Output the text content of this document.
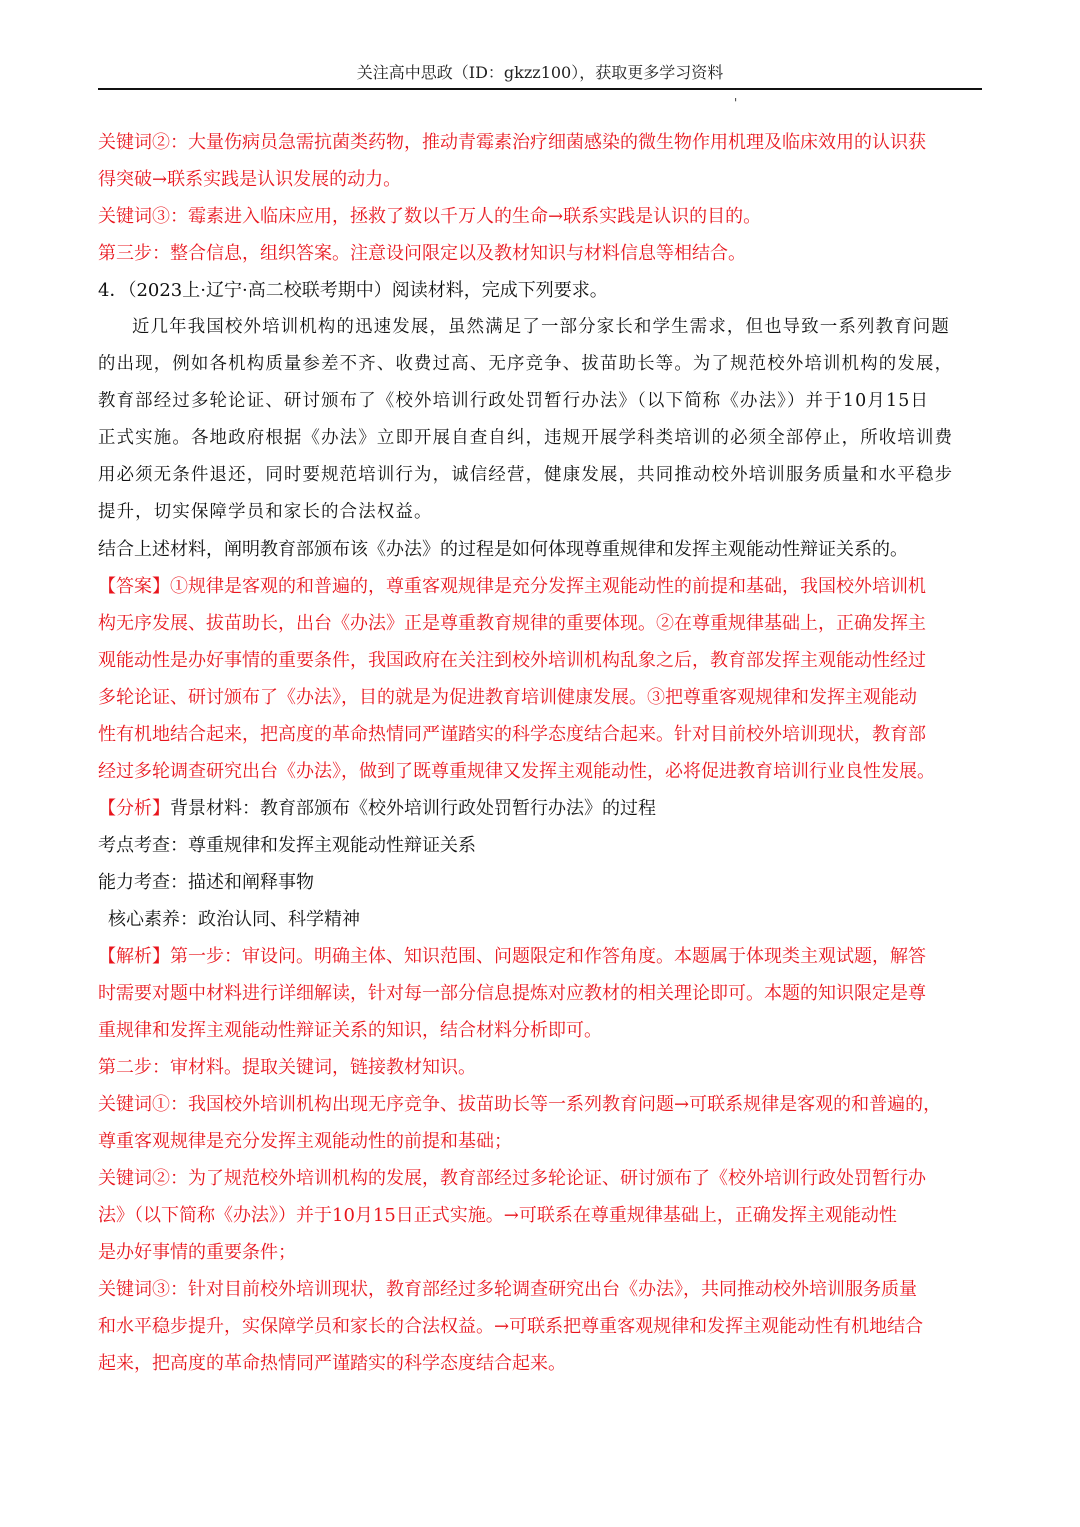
关注高中思政（ID：gkzz100），获取更多学习资料
'
关键词②：大量伤病员急需抗菌类药物，推动青霉素治疗细菌感染的微生物作用机理及临床效用的认识获
得突破→联系实践是认识发展的动力。
关键词③：霉素进入临床应用，拯救了数以千万人的生命→联系实践是认识的目的。
第三步：整合信息，组织答案。注意设问限定以及教材知识与材料信息等相结合。
4．（2023上·辽宁·高二校联考期中）阅读材料，完成下列要求。
近几年我国校外培训机构的迅速发展，虽然满足了一部分家长和学生需求，但也导致一系列教育问题
的出现，例如各机构质量参差不齐、收费过高、无序竞争、拔苗助长等。为了规范校外培训机构的发展，
教育部经过多轮论证、研讨颁布了《校外培训行政处罚暂行办法》（以下简称《办法》）并于10月15日
正式实施。各地政府根据《办法》立即开展自查自纠，违规开展学科类培训的必须全部停止，所收培训费
用必须无条件退还，同时要规范培训行为，诚信经营，健康发展，共同推动校外培训服务质量和水平稳步
提升，切实保障学员和家长的合法权益。
结合上述材料，阐明教育部颁布该《办法》的过程是如何体现尊重规律和发挥主观能动性辩证关系的。
【答案】①规律是客观的和普遍的，尊重客观规律是充分发挥主观能动性的前提和基础，我国校外培训机
构无序发展、拔苗助长，出台《办法》正是尊重教育规律的重要体现。②在尊重规律基础上，正确发挥主
观能动性是办好事情的重要条件，我国政府在关注到校外培训机构乱象之后，教育部发挥主观能动性经过
多轮论证、研讨颁布了《办法》，目的就是为促进教育培训健康发展。③把尊重客观规律和发挥主观能动
性有机地结合起来，把高度的革命热情同严谨踏实的科学态度结合起来。针对目前校外培训现状，教育部
经过多轮调查研究出台《办法》，做到了既尊重规律又发挥主观能动性，必将促进教育培训行业良性发展。
【分析】背景材料：教育部颁布《校外培训行政处罚暂行办法》的过程
考点考查：尊重规律和发挥主观能动性辩证关系
能力考查：描述和阐释事物
核心素养：政治认同、科学精神
【解析】第一步：审设问。明确主体、知识范围、问题限定和作答角度。本题属于体现类主观试题，解答
时需要对题中材料进行详细解读，针对每一部分信息提炼对应教材的相关理论即可。本题的知识限定是尊
重规律和发挥主观能动性辩证关系的知识，结合材料分析即可。
第二步：审材料。提取关键词，链接教材知识。
关键词①：我国校外培训机构出现无序竞争、拔苗助长等一系列教育问题→可联系规律是客观的和普遍的，
尊重客观规律是充分发挥主观能动性的前提和基础；
关键词②：为了规范校外培训机构的发展，教育部经过多轮论证、研讨颁布了《校外培训行政处罚暂行办
法》（以下简称《办法》）并于10月15日正式实施。→可联系在尊重规律基础上，正确发挥主观能动性
是办好事情的重要条件；
关键词③：针对目前校外培训现状，教育部经过多轮调查研究出台《办法》，共同推动校外培训服务质量
和水平稳步提升，实保障学员和家长的合法权益。→可联系把尊重客观规律和发挥主观能动性有机地结合
起来，把高度的革命热情同严谨踏实的科学态度结合起来。
